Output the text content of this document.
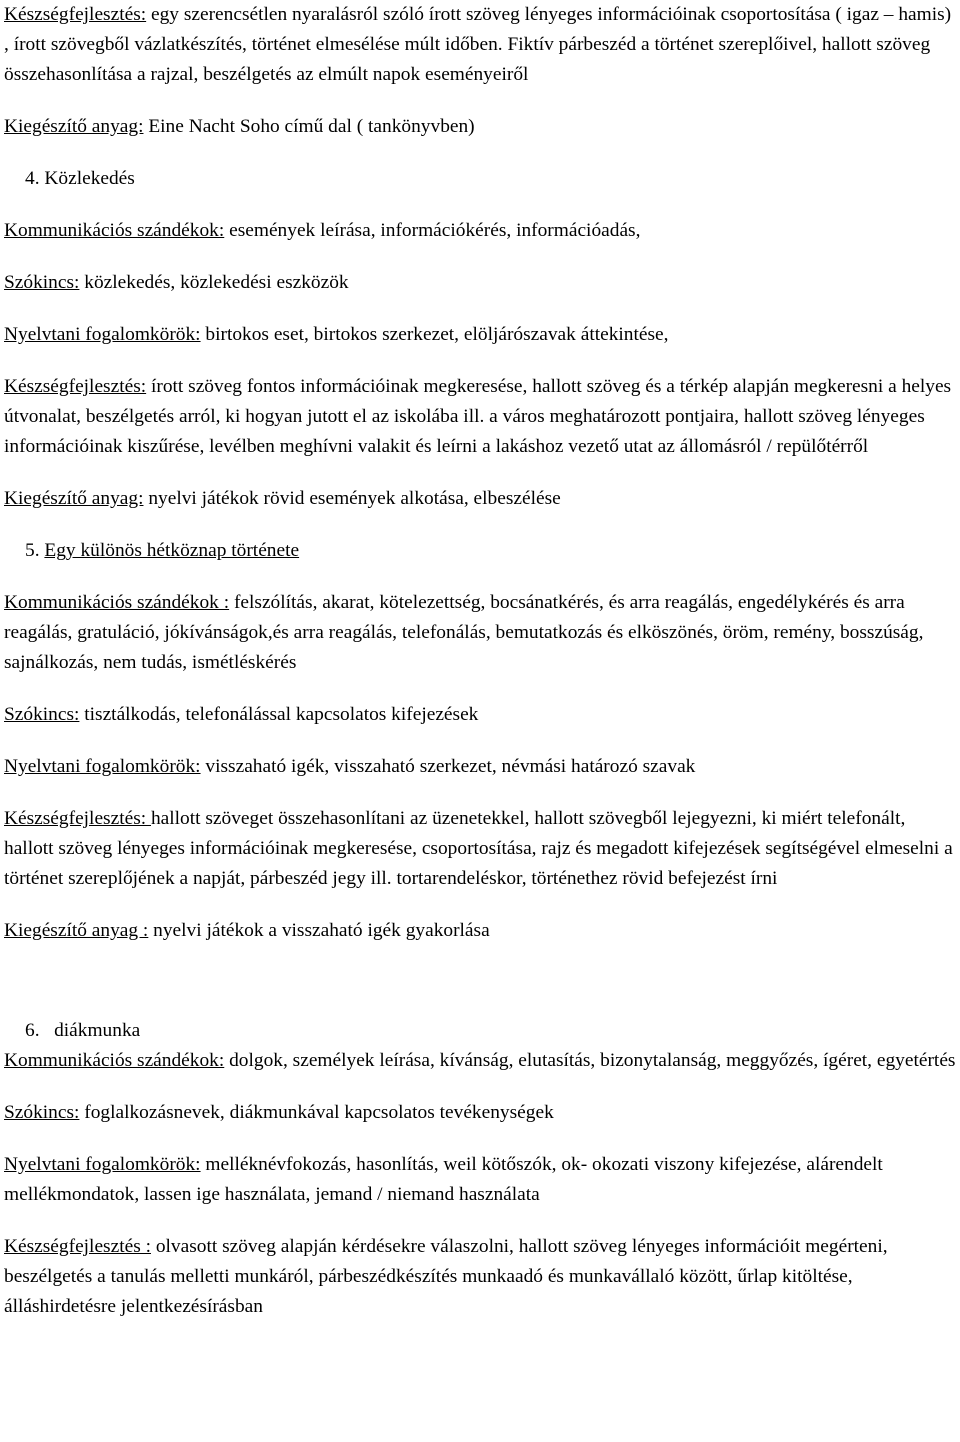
Készségfejlesztés: egy szerencsétlen nyaralásról szóló írott szöveg lényeges információinak csoportosítása ( igaz – hamis) , írott szövegből vázlatkészítés, történet elmesélése múlt időben. Fiktív párbeszéd a történet szereplőivel, hallott szöveg összehasonlítása a rajzal, beszélgetés az elmúlt napok eseményeiről

Kiegészítő anyag: Eine Nacht Soho című dal ( tankönyvben)

4. Közlekedés

Kommunikációs szándékok: események leírása, információkérés, információadás,

Szókincs: közlekedés, közlekedési eszközök

Nyelvtani fogalomkörök: birtokos eset, birtokos szerkezet, elöljárószavak áttekintése,

Készségfejlesztés: írott szöveg fontos információinak megkeresése, hallott szöveg és a térkép alapján megkeresni a helyes útvonalat, beszélgetés arról, ki hogyan jutott el az iskolába ill. a város meghatározott pontjaira, hallott szöveg lényeges információinak kiszűrése, levélben meghívni valakit és leírni a lakáshoz vezető utat az állomásról / repülőtérről

Kiegészítő anyag: nyelvi játékok rövid események alkotása, elbeszélése

5. Egy különös hétköznap története

Kommunikációs szándékok : felszólítás, akarat, kötelezettség, bocsánatkérés, és arra reagálás, engedélykérés és arra reagálás, gratuláció, jókívánságok,és arra reagálás, telefonálás, bemutatkozás és elköszönés, öröm, remény, bosszúság, sajnálkozás, nem tudás, ismétléskérés

Szókincs: tisztálkodás, telefonálással kapcsolatos kifejezések

Nyelvtani fogalomkörök: visszaható igék, visszaható szerkezet, névmási határozó szavak

Készségfejlesztés: hallott szöveget összehasonlítani az üzenetekkel, hallott szövegből lejegyezni, ki miért telefonált, hallott szöveg lényeges információinak megkeresése, csoportosítása, rajz és megadott kifejezések segítségével elmeselni a történet szereplőjének a napját, párbeszéd jegy ill. tortarendeléskor, történethez rövid befejezést írni

Kiegészítő anyag : nyelvi játékok a visszaható igék gyakorlása

6.   diákmunka

Kommunikációs szándékok: dolgok, személyek leírása, kívánság, elutasítás, bizonytalanság, meggyőzés, ígéret, egyetértés

Szókincs: foglalkozásnevek, diákmunkával kapcsolatos tevékenységek

Nyelvtani fogalomkörök: melléknévfokozás, hasonlítás, weil kötőszók, ok- okozati viszony kifejezése, alárendelt mellékmondatok, lassen ige használata, jemand / niemand használata

Készségfejlesztés : olvasott szöveg alapján kérdésekre válaszolni, hallott szöveg lényeges információit megérteni, beszélgetés a tanulás melletti munkáról, párbeszédkészítés munkaadó és munkavállaló között, űrlap kitöltése, álláshirdetésre jelentkezésírásban
